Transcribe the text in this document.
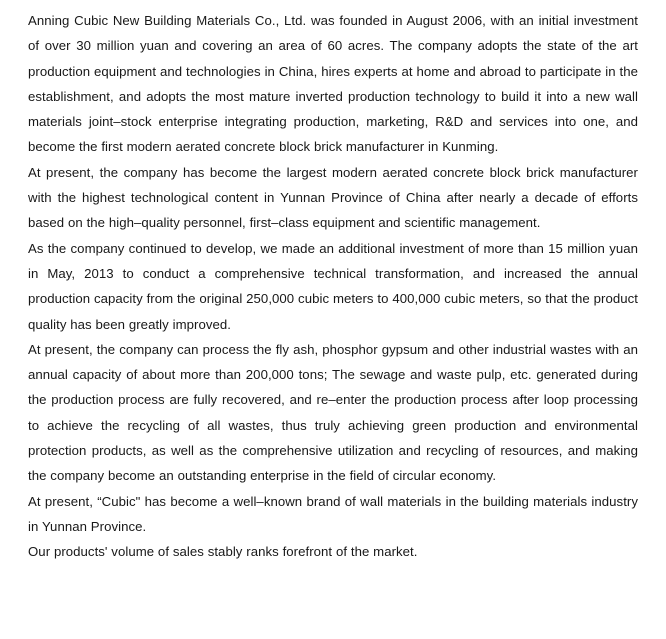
Anning Cubic New Building Materials Co., Ltd. was founded in August 2006, with an initial investment of over 30 million yuan and covering an area of 60 acres. The company adopts the state of the art production equipment and technologies in China, hires experts at home and abroad to participate in the establishment, and adopts the most mature inverted production technology to build it into a new wall materials joint–stock enterprise integrating production, marketing, R&D and services into one, and become the first modern aerated concrete block brick manufacturer in Kunming.

At present, the company has become the largest modern aerated concrete block brick manufacturer with the highest technological content in Yunnan Province of China after nearly a decade of efforts based on the high–quality personnel, first–class equipment and scientific management.

As the company continued to develop, we made an additional investment of more than 15 million yuan in May, 2013 to conduct a comprehensive technical transformation, and increased the annual production capacity from the original 250,000 cubic meters to 400,000 cubic meters, so that the product quality has been greatly improved.

At present, the company can process the fly ash, phosphor gypsum and other industrial wastes with an annual capacity of about more than 200,000 tons; The sewage and waste pulp, etc. generated during the production process are fully recovered, and re–enter the production process after loop processing to achieve the recycling of all wastes, thus truly achieving green production and environmental protection products, as well as the comprehensive utilization and recycling of resources, and making the company become an outstanding enterprise in the field of circular economy.

At present, “Cubic" has become a well–known brand of wall materials in the building materials industry in Yunnan Province.

Our products' volume of sales stably ranks forefront of the market.
